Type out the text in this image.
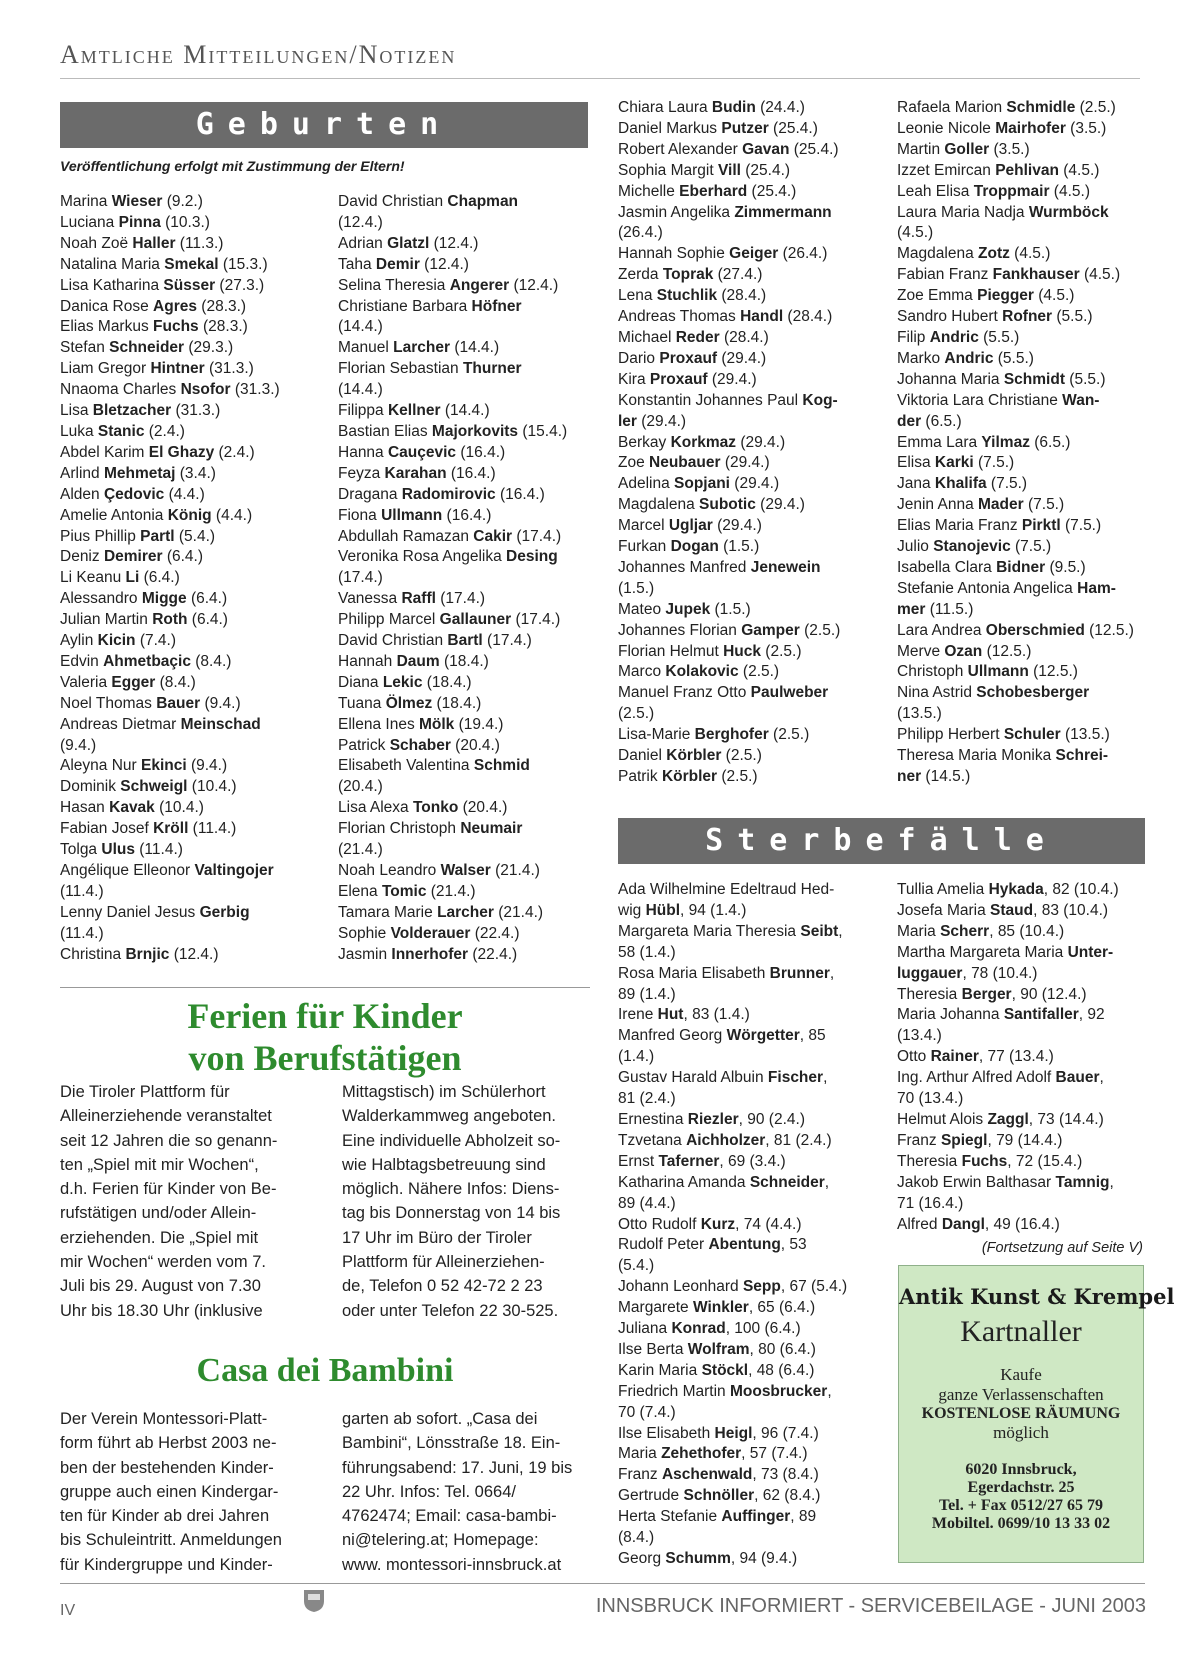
Amtliche Mitteilungen/Notizen
Geburten
Veröffentlichung erfolgt mit Zustimmung der Eltern!
Marina Wieser (9.2.)
Luciana Pinna (10.3.)
Noah Zoë Haller (11.3.)
Natalina Maria Smekal (15.3.)
Lisa Katharina Süsser (27.3.)
Danica Rose Agres (28.3.)
Elias Markus Fuchs (28.3.)
Stefan Schneider (29.3.)
Liam Gregor Hintner (31.3.)
Nnaoma Charles Nsofor (31.3.)
Lisa Bletzacher (31.3.)
Luka Stanic (2.4.)
Abdel Karim El Ghazy (2.4.)
Arlind Mehmetaj (3.4.)
Alden Çedovic (4.4.)
Amelie Antonia König (4.4.)
Pius Phillip Partl (5.4.)
Deniz Demirer (6.4.)
Li Keanu Li (6.4.)
Alessandro Migge (6.4.)
Julian Martin Roth (6.4.)
Aylin Kicin (7.4.)
Edvin Ahmetbaçic (8.4.)
Valeria Egger (8.4.)
Noel Thomas Bauer (9.4.)
Andreas Dietmar Meinschad
(9.4.)
Aleyna Nur Ekinci (9.4.)
Dominik Schweigl (10.4.)
Hasan Kavak (10.4.)
Fabian Josef Kröll (11.4.)
Tolga Ulus (11.4.)
Angélique Elleonor Valtingojer
(11.4.)
Lenny Daniel Jesus Gerbig
(11.4.)
Christina Brnjic (12.4.)
David Christian Chapman
(12.4.)
Adrian Glatzl (12.4.)
Taha Demir (12.4.)
Selina Theresia Angerer (12.4.)
Christiane Barbara Höfner
(14.4.)
Manuel Larcher (14.4.)
Florian Sebastian Thurner
(14.4.)
Filippa Kellner (14.4.)
Bastian Elias Majorkovits (15.4.)
Hanna Cauçevic (16.4.)
Feyza Karahan (16.4.)
Dragana Radomirovic (16.4.)
Fiona Ullmann (16.4.)
Abdullah Ramazan Cakir (17.4.)
Veronika Rosa Angelika Desing
(17.4.)
Vanessa Raffl (17.4.)
Philipp Marcel Gallauner (17.4.)
David Christian Bartl (17.4.)
Hannah Daum (18.4.)
Diana Lekic (18.4.)
Tuana Ölmez (18.4.)
Ellena Ines Mölk (19.4.)
Patrick Schaber (20.4.)
Elisabeth Valentina Schmid
(20.4.)
Lisa Alexa Tonko (20.4.)
Florian Christoph Neumair
(21.4.)
Noah Leandro Walser (21.4.)
Elena Tomic (21.4.)
Tamara Marie Larcher (21.4.)
Sophie Volderauer (22.4.)
Jasmin Innerhofer (22.4.)
Chiara Laura Budin (24.4.)
Daniel Markus Putzer (25.4.)
Robert Alexander Gavan (25.4.)
Sophia Margit Vill (25.4.)
Michelle Eberhard (25.4.)
Jasmin Angelika Zimmermann
(26.4.)
Hannah Sophie Geiger (26.4.)
Zerda Toprak (27.4.)
Lena Stuchlik (28.4.)
Andreas Thomas Handl (28.4.)
Michael Reder (28.4.)
Dario Proxauf (29.4.)
Kira Proxauf (29.4.)
Konstantin Johannes Paul Kog-
ler (29.4.)
Berkay Korkmaz (29.4.)
Zoe Neubauer (29.4.)
Adelina Sopjani (29.4.)
Magdalena Subotic (29.4.)
Marcel Ugljar (29.4.)
Furkan Dogan (1.5.)
Johannes Manfred Jenewein
(1.5.)
Mateo Jupek (1.5.)
Johannes Florian Gamper (2.5.)
Florian Helmut Huck (2.5.)
Marco Kolakovic (2.5.)
Manuel Franz Otto Paulweber
(2.5.)
Lisa-Marie Berghofer (2.5.)
Daniel Körbler (2.5.)
Patrik Körbler (2.5.)
Rafaela Marion Schmidle (2.5.)
Leonie Nicole Mairhofer (3.5.)
Martin Goller (3.5.)
Izzet Emircan Pehlivan (4.5.)
Leah Elisa Troppmair (4.5.)
Laura Maria Nadja Wurmböck
(4.5.)
Magdalena Zotz (4.5.)
Fabian Franz Fankhauser (4.5.)
Zoe Emma Piegger (4.5.)
Sandro Hubert Rofner (5.5.)
Filip Andric (5.5.)
Marko Andric (5.5.)
Johanna Maria Schmidt (5.5.)
Viktoria Lara Christiane Wan-
der (6.5.)
Emma Lara Yilmaz (6.5.)
Elisa Karki (7.5.)
Jana Khalifa (7.5.)
Jenin Anna Mader (7.5.)
Elias Maria Franz Pirktl (7.5.)
Julio Stanojevic (7.5.)
Isabella Clara Bidner (9.5.)
Stefanie Antonia Angelica Ham-
mer (11.5.)
Lara Andrea Oberschmied (12.5.)
Merve Ozan (12.5.)
Christoph Ullmann (12.5.)
Nina Astrid Schobesberger
(13.5.)
Philipp Herbert Schuler (13.5.)
Theresa Maria Monika Schrei-
ner (14.5.)
Sterbefälle
Ada Wilhelmine Edeltraud Hed-
wig Hübl, 94 (1.4.)
Margareta Maria Theresia Seibt,
58 (1.4.)
Rosa Maria Elisabeth Brunner,
89 (1.4.)
Irene Hut, 83 (1.4.)
Manfred Georg Wörgetter, 85
(1.4.)
Gustav Harald Albuin Fischer,
81 (2.4.)
Ernestina Riezler, 90 (2.4.)
Tzvetana Aichholzer, 81 (2.4.)
Ernst Taferner, 69 (3.4.)
Katharina Amanda Schneider,
89 (4.4.)
Otto Rudolf Kurz, 74 (4.4.)
Rudolf Peter Abentung, 53
(5.4.)
Johann Leonhard Sepp, 67 (5.4.)
Margarete Winkler, 65 (6.4.)
Juliana Konrad, 100 (6.4.)
Ilse Berta Wolfram, 80 (6.4.)
Karin Maria Stöckl, 48 (6.4.)
Friedrich Martin Moosbrucker,
70 (7.4.)
Ilse Elisabeth Heigl, 96 (7.4.)
Maria Zehethofer, 57 (7.4.)
Franz Aschenwald, 73 (8.4.)
Gertrude Schnöller, 62 (8.4.)
Herta Stefanie Auffinger, 89
(8.4.)
Georg Schumm, 94 (9.4.)
Tullia Amelia Hykada, 82 (10.4.)
Josefa Maria Staud, 83 (10.4.)
Maria Scherr, 85 (10.4.)
Martha Margareta Maria Unter-
luggauer, 78 (10.4.)
Theresia Berger, 90 (12.4.)
Maria Johanna Santifaller, 92
(13.4.)
Otto Rainer, 77 (13.4.)
Ing. Arthur Alfred Adolf Bauer,
70 (13.4.)
Helmut Alois Zaggl, 73 (14.4.)
Franz Spiegl, 79 (14.4.)
Theresia Fuchs, 72 (15.4.)
Jakob Erwin Balthasar Tamnig,
71 (16.4.)
Alfred Dangl, 49 (16.4.)
(Fortsetzung auf Seite V)
Ferien für Kinder
von Berufstätigen
Die Tiroler Plattform für
Alleinerziehende veranstaltet
seit 12 Jahren die so genann-
ten „Spiel mit mir Wochen“,
d.h. Ferien für Kinder von Be-
rufstätigen und/oder Allein-
erziehenden. Die „Spiel mit
mir Wochen“ werden vom 7.
Juli bis 29. August von 7.30
Uhr bis 18.30 Uhr (inklusive
Mittagstisch) im Schülerhort
Walderkammweg angeboten.
Eine individuelle Abholzeit so-
wie Halbtagsbetreuung sind
möglich. Nähere Infos: Diens-
tag bis Donnerstag von 14 bis
17 Uhr im Büro der Tiroler
Plattform für Alleinerziehen-
de, Telefon 0 52 42-72 2 23
oder unter Telefon 22 30-525.
Casa dei Bambini
Der Verein Montessori-Platt-
form führt ab Herbst 2003 ne-
ben der bestehenden Kinder-
gruppe auch einen Kindergar-
ten für Kinder ab drei Jahren
bis Schuleintritt. Anmeldungen
für Kindergruppe und Kinder-
garten ab sofort. „Casa dei
Bambini“, Lönsstraße 18. Ein-
führungsabend: 17. Juni, 19 bis
22 Uhr. Infos: Tel. 0664/
4762474; Email: casa-bambi-
ni@telering.at; Homepage:
www. montessori-innsbruck.at
Antik Kunst & Krempel
Kartnaller
Kaufe
ganze Verlassenschaften
KOSTENLOSE RÄUMUNG
möglich
6020 Innsbruck,
Egerdachstr. 25
Tel. + Fax 0512/27 65 79
Mobiltel. 0699/10 13 33 02
IV	INNSBRUCK INFORMIERT - SERVICEBEILAGE - JUNI 2003
